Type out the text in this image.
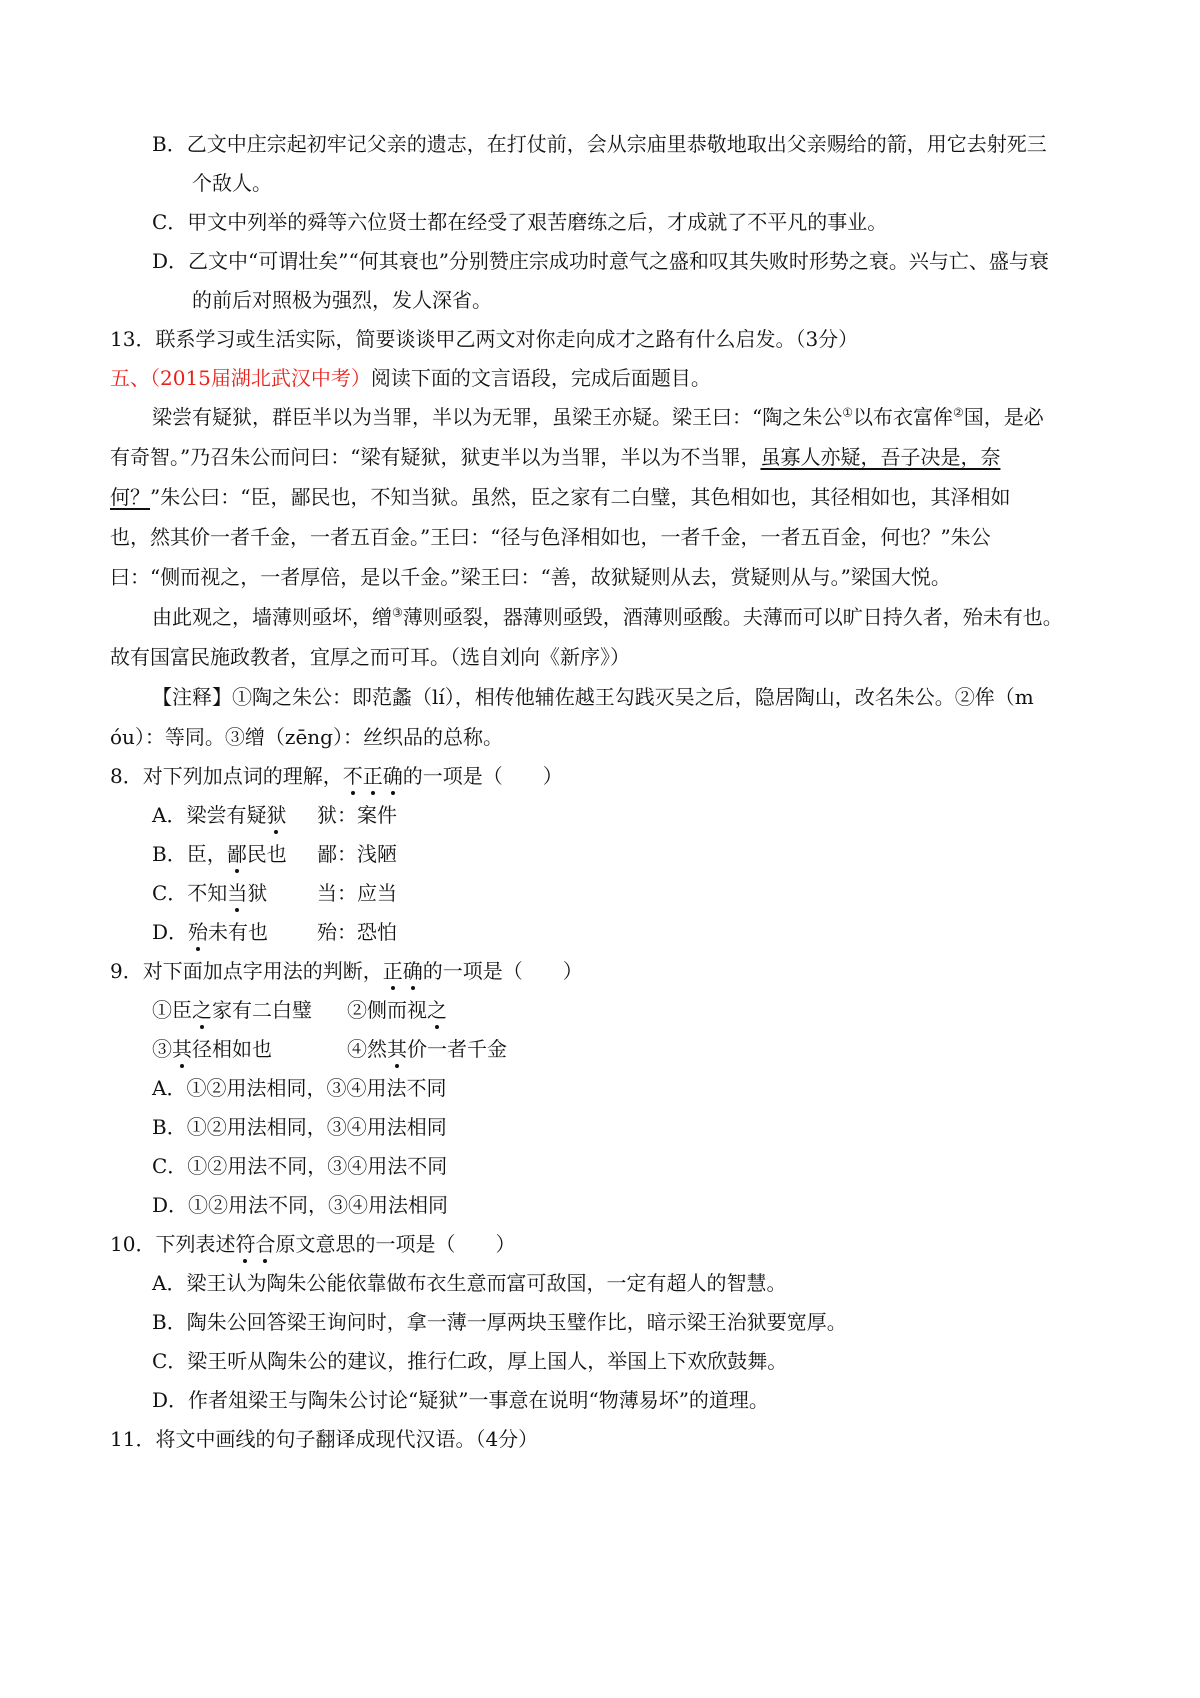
B．乙文中庄宗起初牢记父亲的遗志，在打仗前，会从宗庙里恭敬地取出父亲赐给的箭，用它去射死三
个敌人。
C．甲文中列举的舜等六位贤士都在经受了艰苦磨练之后，才成就了不平凡的事业。
D．乙文中“可谓壮矣”“何其衰也”分别赞庄宗成功时意气之盛和叹其失败时形势之衰。兴与亡、盛与衰
的前后对照极为强烈，发人深省。
13．联系学习或生活实际，简要谈谈甲乙两文对你走向成才之路有什么启发。（3分）
五、（2015届湖北武汉中考）阅读下面的文言语段，完成后面题目。
梁尝有疑狱，群臣半以为当罪，半以为无罪，虽梁王亦疑。梁王曰：“陶之朱公①以布衣富侔②国，是必
有奇智。”乃召朱公而问曰：“梁有疑狱，狱吏半以为当罪，半以为不当罪，虽寡人亦疑，吾子决是，奈
何？”朱公曰：“臣，鄙民也，不知当狱。虽然，臣之家有二白璧，其色相如也，其径相如也，其泽相如
也，然其价一者千金，一者五百金。”王曰：“径与色泽相如也，一者千金，一者五百金，何也？”朱公
曰：“侧而视之，一者厚倍，是以千金。”梁王曰：“善，故狱疑则从去，赏疑则从与。”梁国大悦。
由此观之，墙薄则亟坏，缯③薄则亟裂，器薄则亟毁，酒薄则亟酸。夫薄而可以旷日持久者，殆未有也。
故有国富民施政教者，宜厚之而可耳。（选自刘向《新序》）
【注释】①陶之朱公：即范蠡（lí），相传他辅佐越王勾践灭吴之后，隐居陶山，改名朱公。②侔（m
óu）：等同。③缯（zēng）：丝织品的总称。
8．对下列加点词的理解，不正确的一项是（　　）
A．梁尝有疑狱 狱：案件
B．臣，鄙民也 鄙：浅陋
C．不知当狱 当：应当
D．殆未有也 殆：恐怕
9．对下面加点字用法的判断，正确的一项是（　　）
①臣之家有二白璧 ②侧而视之
③其径相如也	④然其价一者千金
A．①②用法相同，③④用法不同
B．①②用法相同，③④用法相同
C．①②用法不同，③④用法不同
D．①②用法不同，③④用法相同
10．下列表述符合原文意思的一项是（　　）
A．梁王认为陶朱公能依靠做布衣生意而富可敌国，一定有超人的智慧。
B．陶朱公回答梁王询问时，拿一薄一厚两块玉璧作比，暗示梁王治狱要宽厚。
C．梁王听从陶朱公的建议，推行仁政，厚上国人，举国上下欢欣鼓舞。
D．作者俎梁王与陶朱公讨论“疑狱”一事意在说明“物薄易坏”的道理。
11．将文中画线的句子翻译成现代汉语。（4分）
